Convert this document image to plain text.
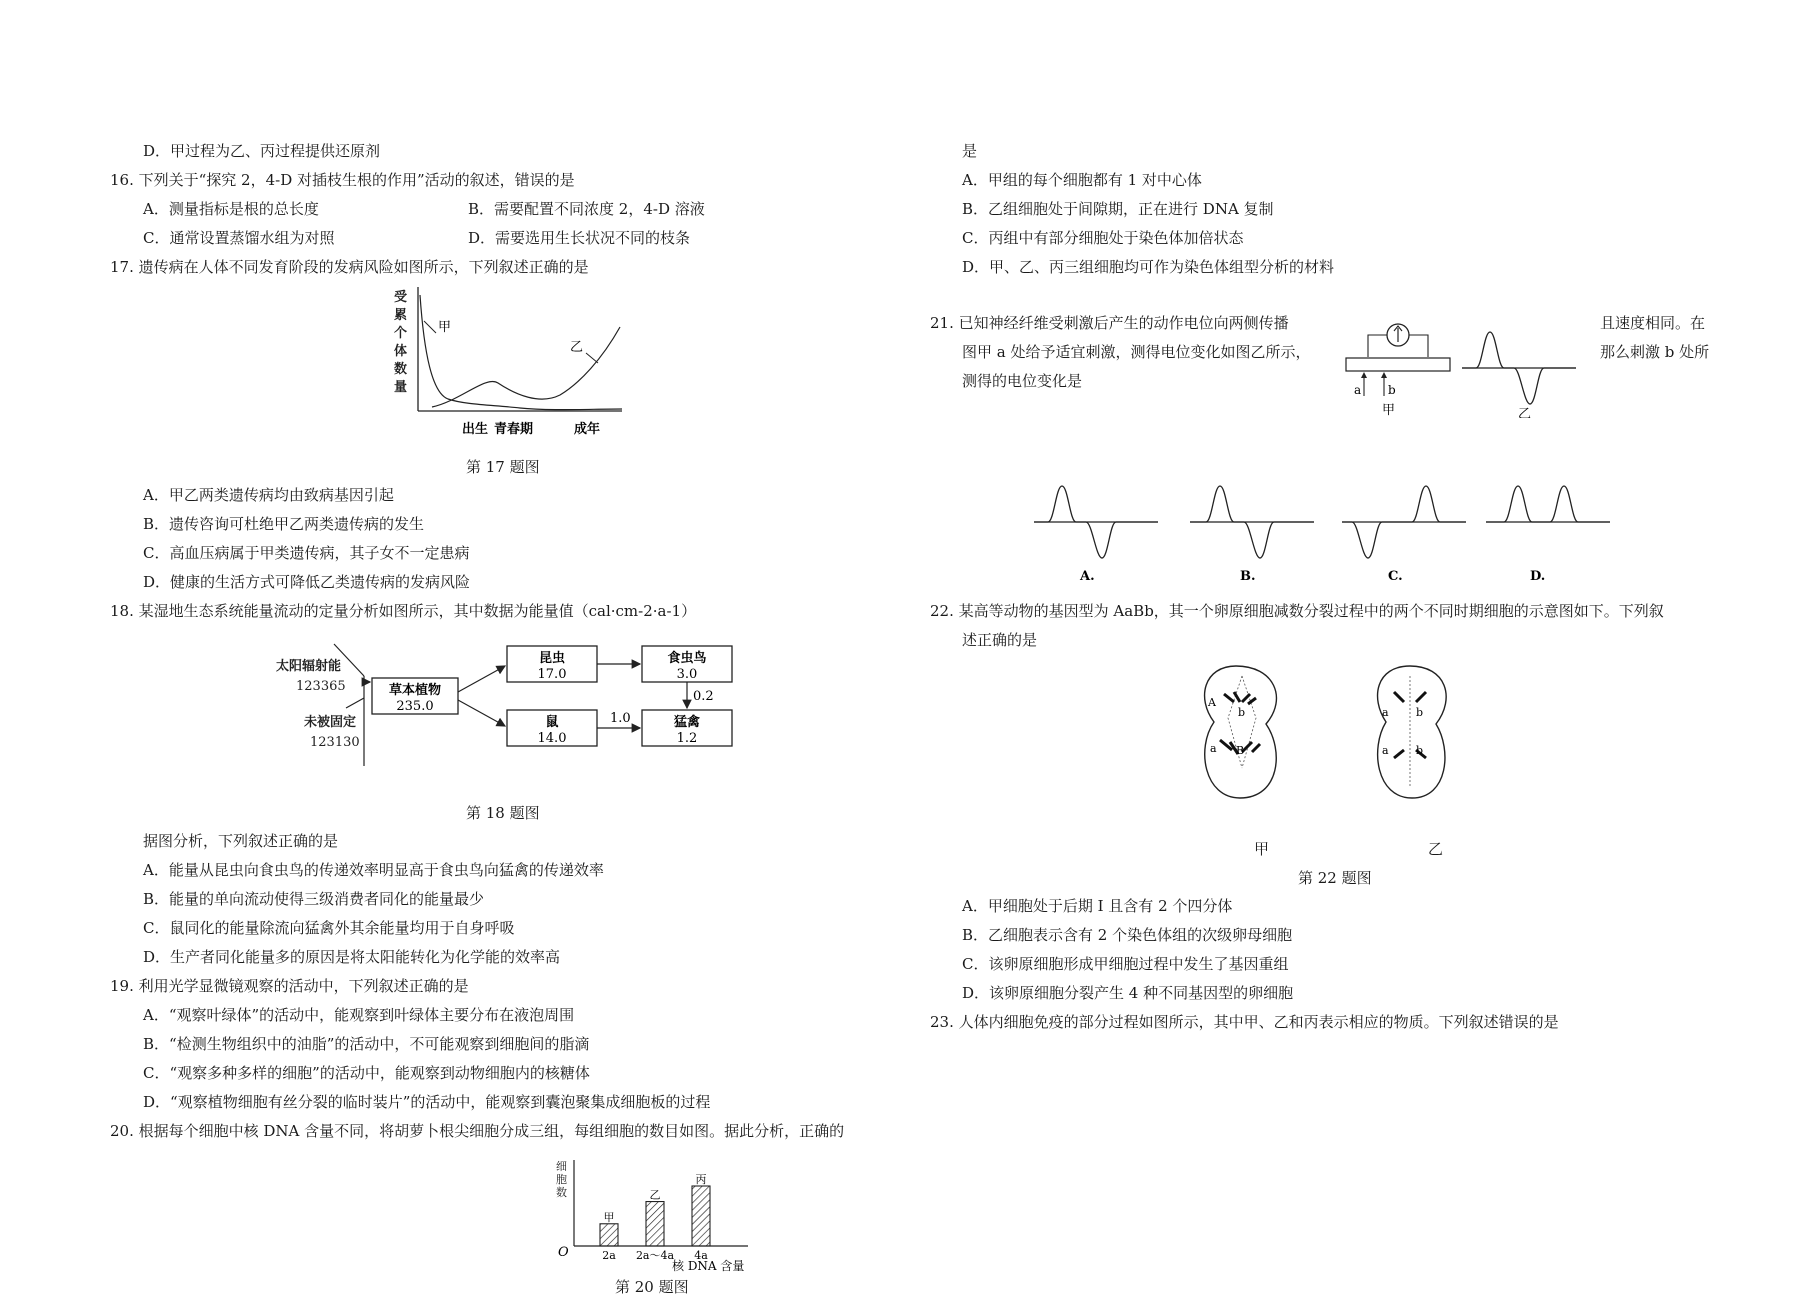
D．甲过程为乙、丙过程提供还原剂
16. 下列关于“探究 2，4-D 对插枝生根的作用”活动的叙述，错误的是
A．测量指标是根的总长度	B．需要配置不同浓度 2，4-D 溶液
C．通常设置蒸馏水组为对照	D．需要选用生长状况不同的枝条
17. 遗传病在人体不同发育阶段的发病风险如图所示，下列叙述正确的是
受
累
个
体
数
量
甲
乙
出生 青春期	成年
第 17 题图
A．甲乙两类遗传病均由致病基因引起
B．遗传咨询可杜绝甲乙两类遗传病的发生
C．高血压病属于甲类遗传病，其子女不一定患病
D．健康的生活方式可降低乙类遗传病的发病风险
18. 某湿地生态系统能量流动的定量分析如图所示，其中数据为能量值（cal·cm-2·a-1）
太阳辐射能
123365
未被固定
123130
草本植物
235.0
昆虫
17.0
食虫鸟
3.0
鼠
14.0
猛禽
1.2
1.0
0.2
第 18 题图
据图分析，下列叙述正确的是
A．能量从昆虫向食虫鸟的传递效率明显高于食虫鸟向猛禽的传递效率
B．能量的单向流动使得三级消费者同化的能量最少
C．鼠同化的能量除流向猛禽外其余能量均用于自身呼吸
D．生产者同化能量多的原因是将太阳能转化为化学能的效率高
19. 利用光学显微镜观察的活动中，下列叙述正确的是
A．“观察叶绿体”的活动中，能观察到叶绿体主要分布在液泡周围
B．“检测生物组织中的油脂”的活动中，不可能观察到细胞间的脂滴
C．“观察多种多样的细胞”的活动中，能观察到动物细胞内的核糖体
D．“观察植物细胞有丝分裂的临时装片”的活动中，能观察到囊泡聚集成细胞板的过程
20. 根据每个细胞中核 DNA 含量不同，将胡萝卜根尖细胞分成三组，每组细胞的数目如图。据此分析，正确的
细
胞
数
O
甲
2a
乙
2a～4a
丙
4a
核 DNA 含量
第 20 题图
是
A．甲组的每个细胞都有 1 对中心体
B．乙组细胞处于间隙期，正在进行 DNA 复制
C．丙组中有部分细胞处于染色体加倍状态
D．甲、乙、丙三组细胞均可作为染色体组型分析的材料
21. 已知神经纤维受刺激后产生的动作电位向两侧传播	且速度相同。在
图甲 a 处给予适宜刺激，测得电位变化如图乙所示，	那么刺激 b 处所
测得的电位变化是	a b
甲	乙
A.	B.	C.	D.
22. 某高等动物的基因型为 AaBb，其一个卵原细胞减数分裂过程中的两个不同时期细胞的示意图如下。下列叙
述正确的是
A
b
a B
a b
a b
甲	乙
第 22 题图
A．甲细胞处于后期 I 且含有 2 个四分体
B．乙细胞表示含有 2 个染色体组的次级卵母细胞
C．该卵原细胞形成甲细胞过程中发生了基因重组
D．该卵原细胞分裂产生 4 种不同基因型的卵细胞
23. 人体内细胞免疫的部分过程如图所示，其中甲、乙和丙表示相应的物质。下列叙述错误的是
